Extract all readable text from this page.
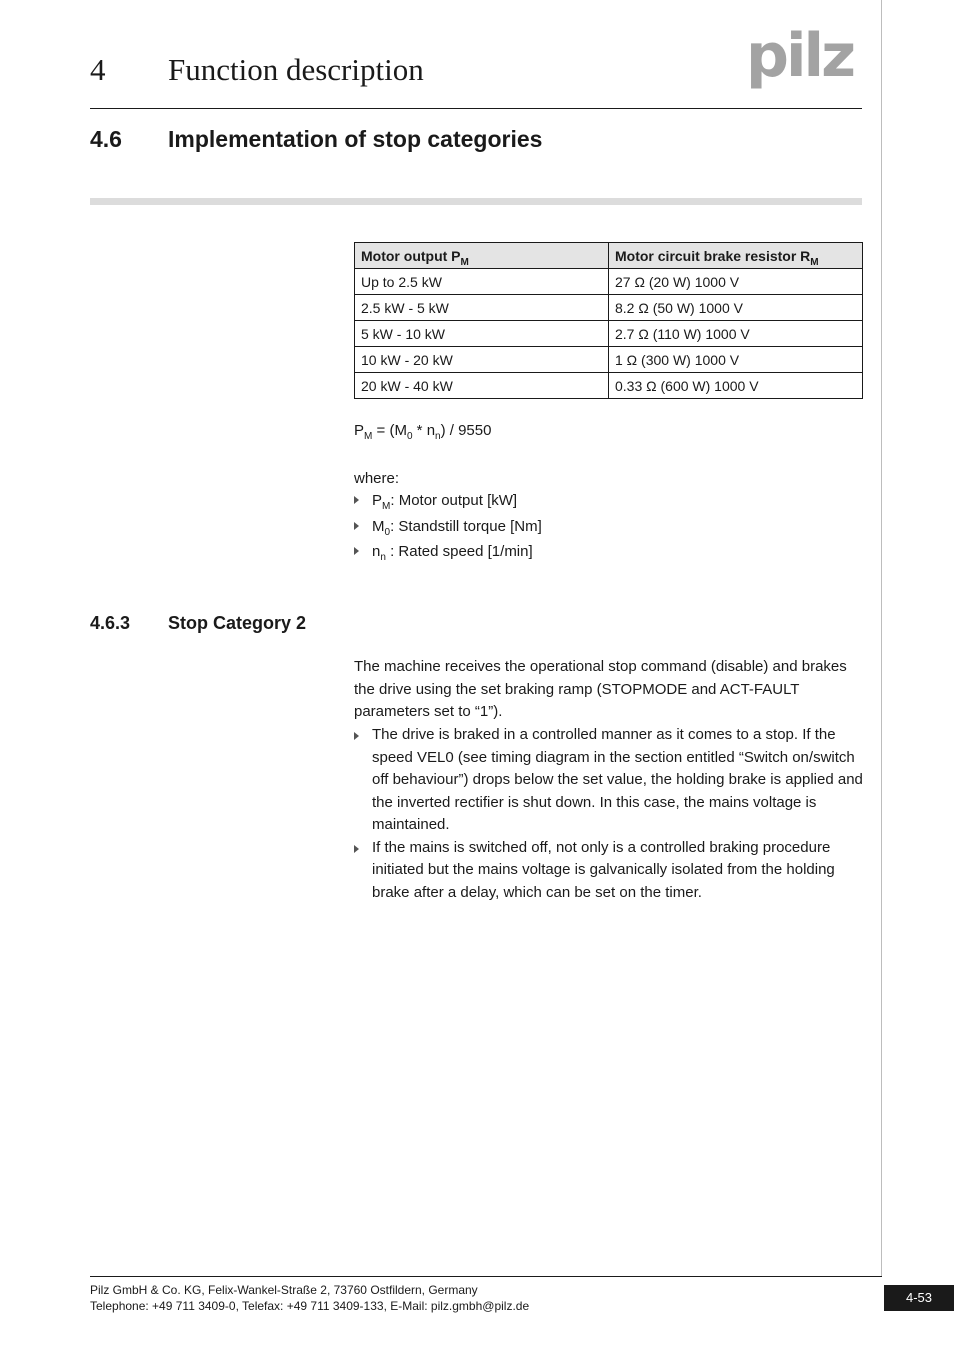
4 Function description	pilz
4.6 Implementation of stop categories
Motor output $P_M$	Motor circuit brake resistor $R_M$
Up to 2.5 kW	27 Ω (20 W) 1000 V
2.5 kW - 5 kW	8.2 Ω (50 W) 1000 V
5 kW - 10 kW	2.7 Ω (110 W) 1000 V
10 kW - 20 kW	1 Ω (300 W) 1000 V
20 kW - 40 kW	0.33 Ω (600 W) 1000 V
$P_M = (M_0 * n_n) / 9550$
where:
$P_M$: Motor output [kW]
$M_0$: Standstill torque [Nm]
$n_n$ : Rated speed [1/min]
4.6.3 Stop Category 2

The machine receives the operational stop command (disable) and brakes the drive using the set braking ramp (STOPMODE and ACT-FAULT parameters set to “1”).

The drive is braked in a controlled manner as it comes to a stop. If the speed VEL0 (see timing diagram in the section entitled “Switch on/switch off behaviour”) drops below the set value, the holding brake is applied and the inverted rectifier is shut down. In this case, the mains voltage is maintained.
If the mains is switched off, not only is a controlled braking procedure initiated but the mains voltage is galvanically isolated from the holding brake after a delay, which can be set on the timer.
Pilz GmbH & Co. KG, Felix-Wankel-Straße 2, 73760 Ostfildern, Germany
Telephone: +49 711 3409-0, Telefax: +49 711 3409-133, E-Mail: pilz.gmbh@pilz.de
4-53
